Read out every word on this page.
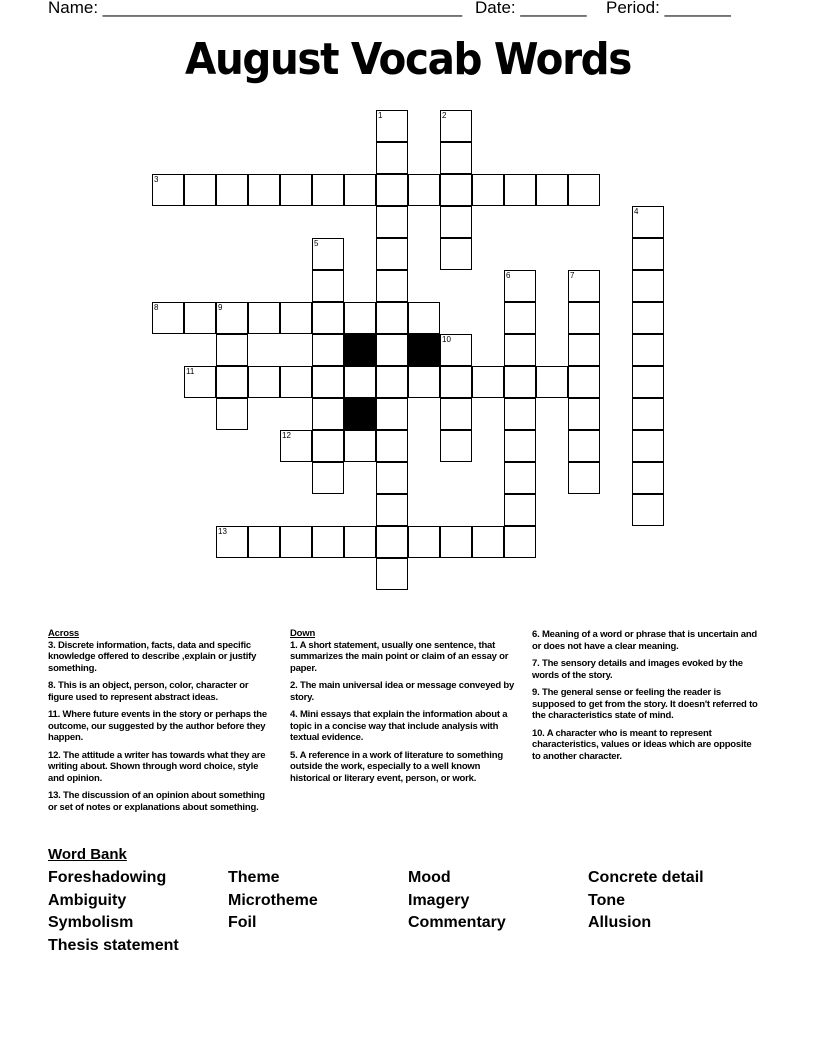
Name: ______________________________________ Date: _______ Period: _______
August Vocab Words
1	2
3
4
5
6	7
8	9
10
11
12
13
Across
3. Discrete information, facts, data and specific knowledge offered to describe ,explain or justify something.
8. This is an object, person, color, character or figure used to represent abstract ideas.
11. Where future events in the story or perhaps the outcome, our suggested by the author before they happen.
12. The attitude a writer has towards what they are writing about. Shown through word choice, style and opinion.
13. The discussion of an opinion about something or set of notes or explanations about something.
Down
1. A short statement, usually one sentence, that summarizes the main point or claim of an essay or paper.
2. The main universal idea or message conveyed by story.
4. Mini essays that explain the information about a topic in a concise way that include analysis with textual evidence.
5. A reference in a work of literature to something outside the work, especially to a well known historical or literary event, person, or work.
6. Meaning of a word or phrase that is uncertain and or does not have a clear meaning.
7. The sensory details and images evoked by the words of the story.
9. The general sense or feeling the reader is supposed to get from the story. It doesn't referred to the characteristics state of mind.
10. A character who is meant to represent characteristics, values or ideas which are opposite to another character.
Word Bank
Foreshadowing
Ambiguity
Symbolism
Thesis statement
Theme
Microtheme
Foil
Mood
Imagery
Commentary
Concrete detail
Tone
Allusion
